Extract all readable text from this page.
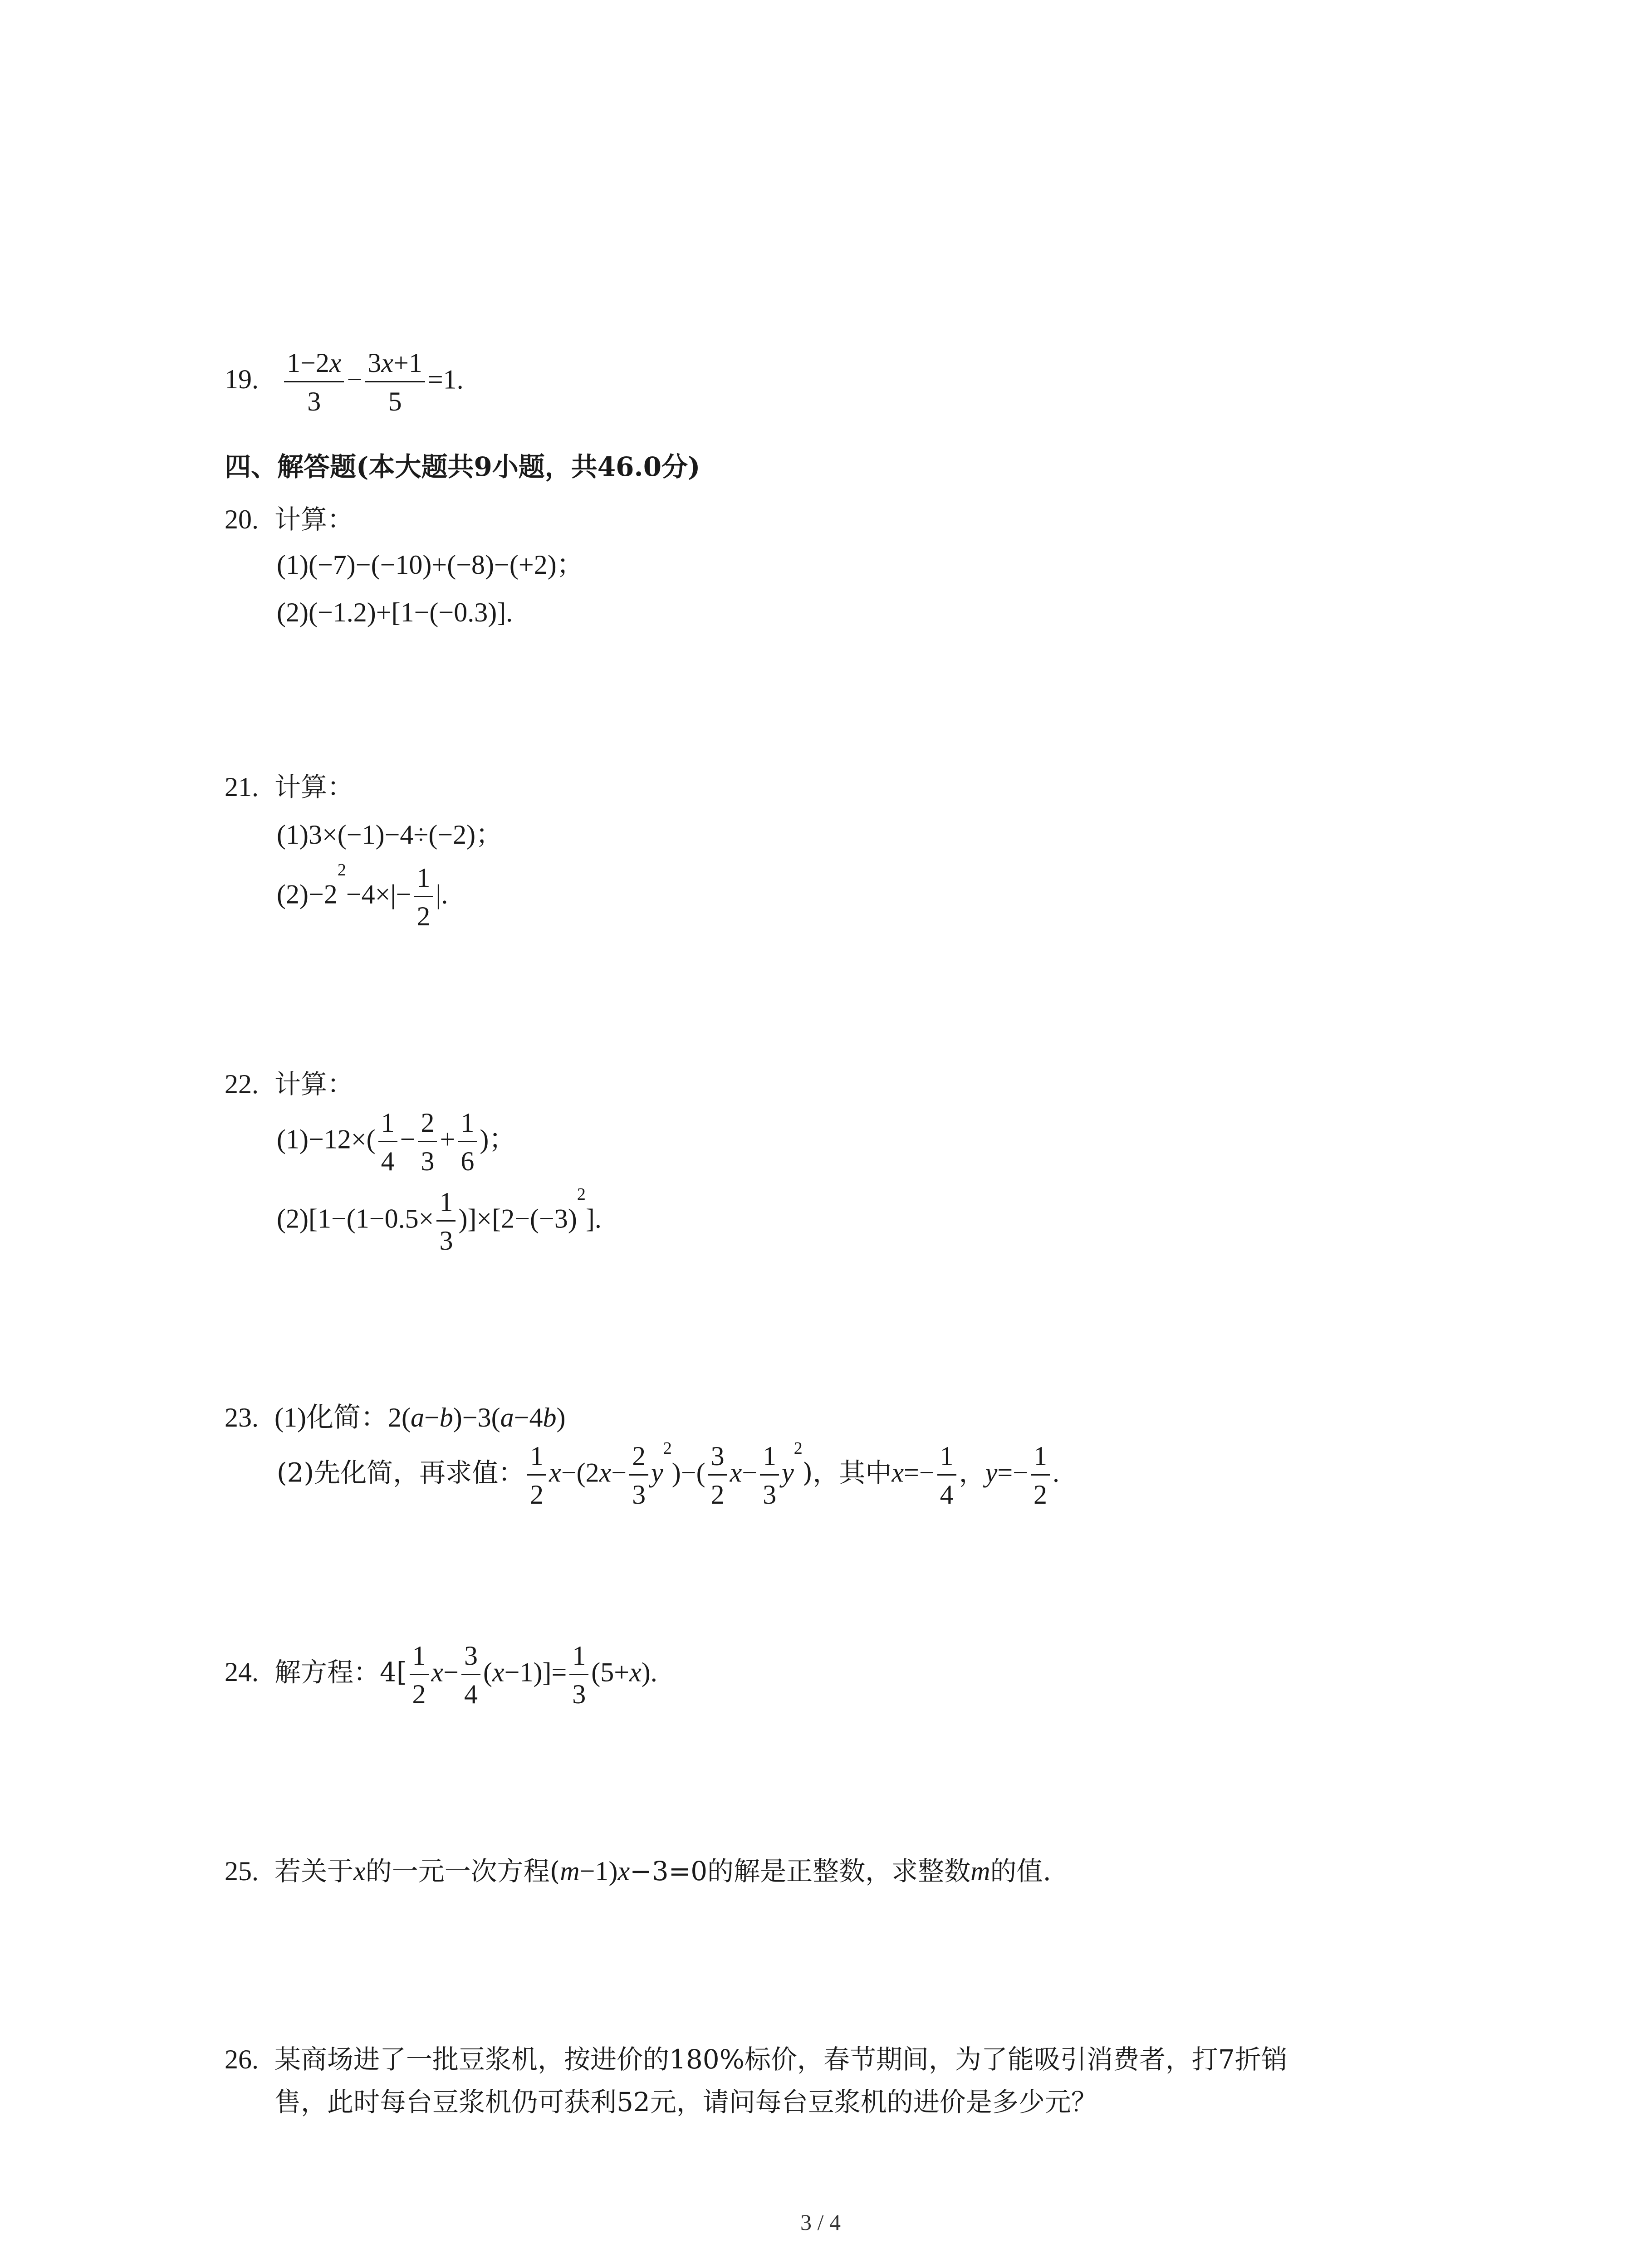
19. $\frac{1-2x}{3} - \frac{3x+1}{5} =1$.
四、解答题(本大题共9小题，共46.0分)
20. 计算：
(1)(−7)−(−10)+(−8)−(+2)；
(2)(−1.2)+[1−(−0.3)].
21. 计算：
(1)3×(−1)−4÷(−2)；
$(2)-2^2-4\times|- \frac{1}{2}$ |.
22. 计算：
$(1)-12\times( \frac{1}{4} - \frac{2}{3} + \frac{1}{6}$ )；
$(2)[1-(1-0.5\times \frac{1}{3} )]\times[2-(-3)^2]$.
23. (1)化简：2(a−b)−3(a−4b)
(2)先化简，再求值： $\frac{1}{2} x-(2x- \frac{2}{3} y^2)-( \frac{3}{2} x- \frac{1}{3} y^2)$，其中$x=- \frac{1}{4}$ ，$y=- \frac{1}{2}$ .
24. 解方程：$4[ \frac{1}{2} x- \frac{3}{4} (x-1)]= \frac{1}{3} (5+x)$.
25. 若关于x的一元一次方程(m−1)x−3=0的解是正整数，求整数m的值.
26. 某商场进了一批豆浆机，按进价的180%标价，春节期间，为了能吸引消费者，打7折销
售，此时每台豆浆机仍可获利52元，请问每台豆浆机的进价是多少元？
3 / 4
